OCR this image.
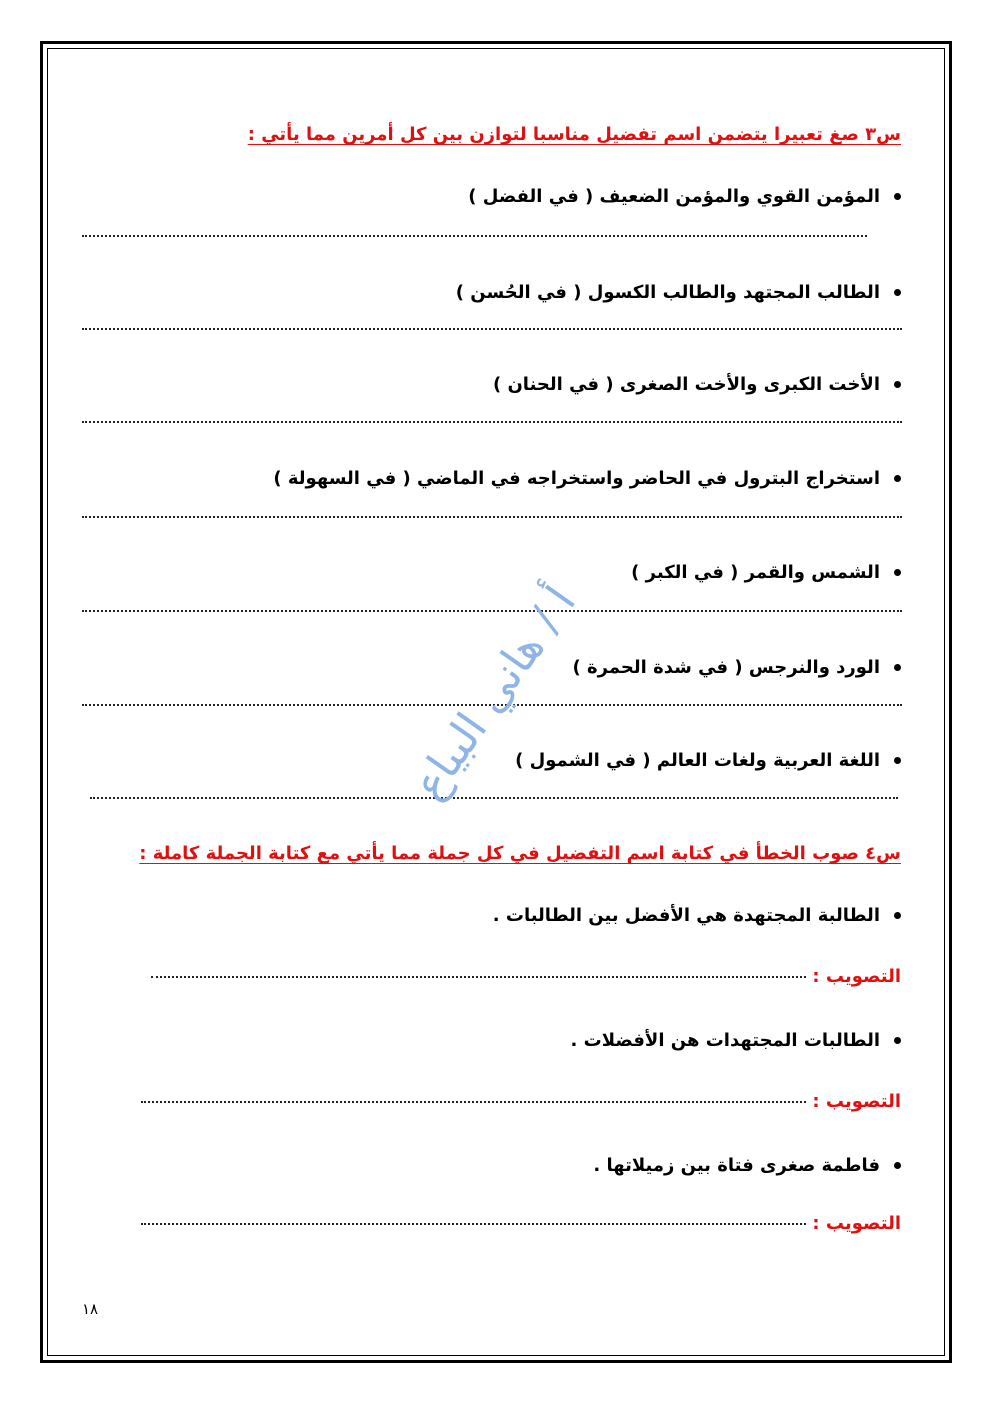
س٣ صغ تعبيرا يتضمن اسم تفضيل مناسبا لتوازن بين كل أمرين مما يأتي :
المؤمن القوي والمؤمن الضعيف ( في الفضل )
الطالب المجتهد والطالب الكسول ( في الحُسن )
الأخت الكبرى والأخت الصغرى ( في الحنان )
استخراج البترول في الحاضر واستخراجه في الماضي ( في السهولة )
الشمس والقمر ( في الكبر )
الورد والنرجس ( في شدة الحمرة )
اللغة العربية ولغات العالم ( في الشمول )
س٤ صوب الخطأ في كتابة اسم التفضيل في كل جملة مما يأتي مع كتابة الجملة كاملة :
الطالبة المجتهدة هي الأفضل بين الطالبات .
التصويب :
الطالبات المجتهدات هن الأفضلات .
التصويب :
فاطمة صغرى فتاة بين زميلاتها .
التصويب :
أ / هاني البياع
١٨
